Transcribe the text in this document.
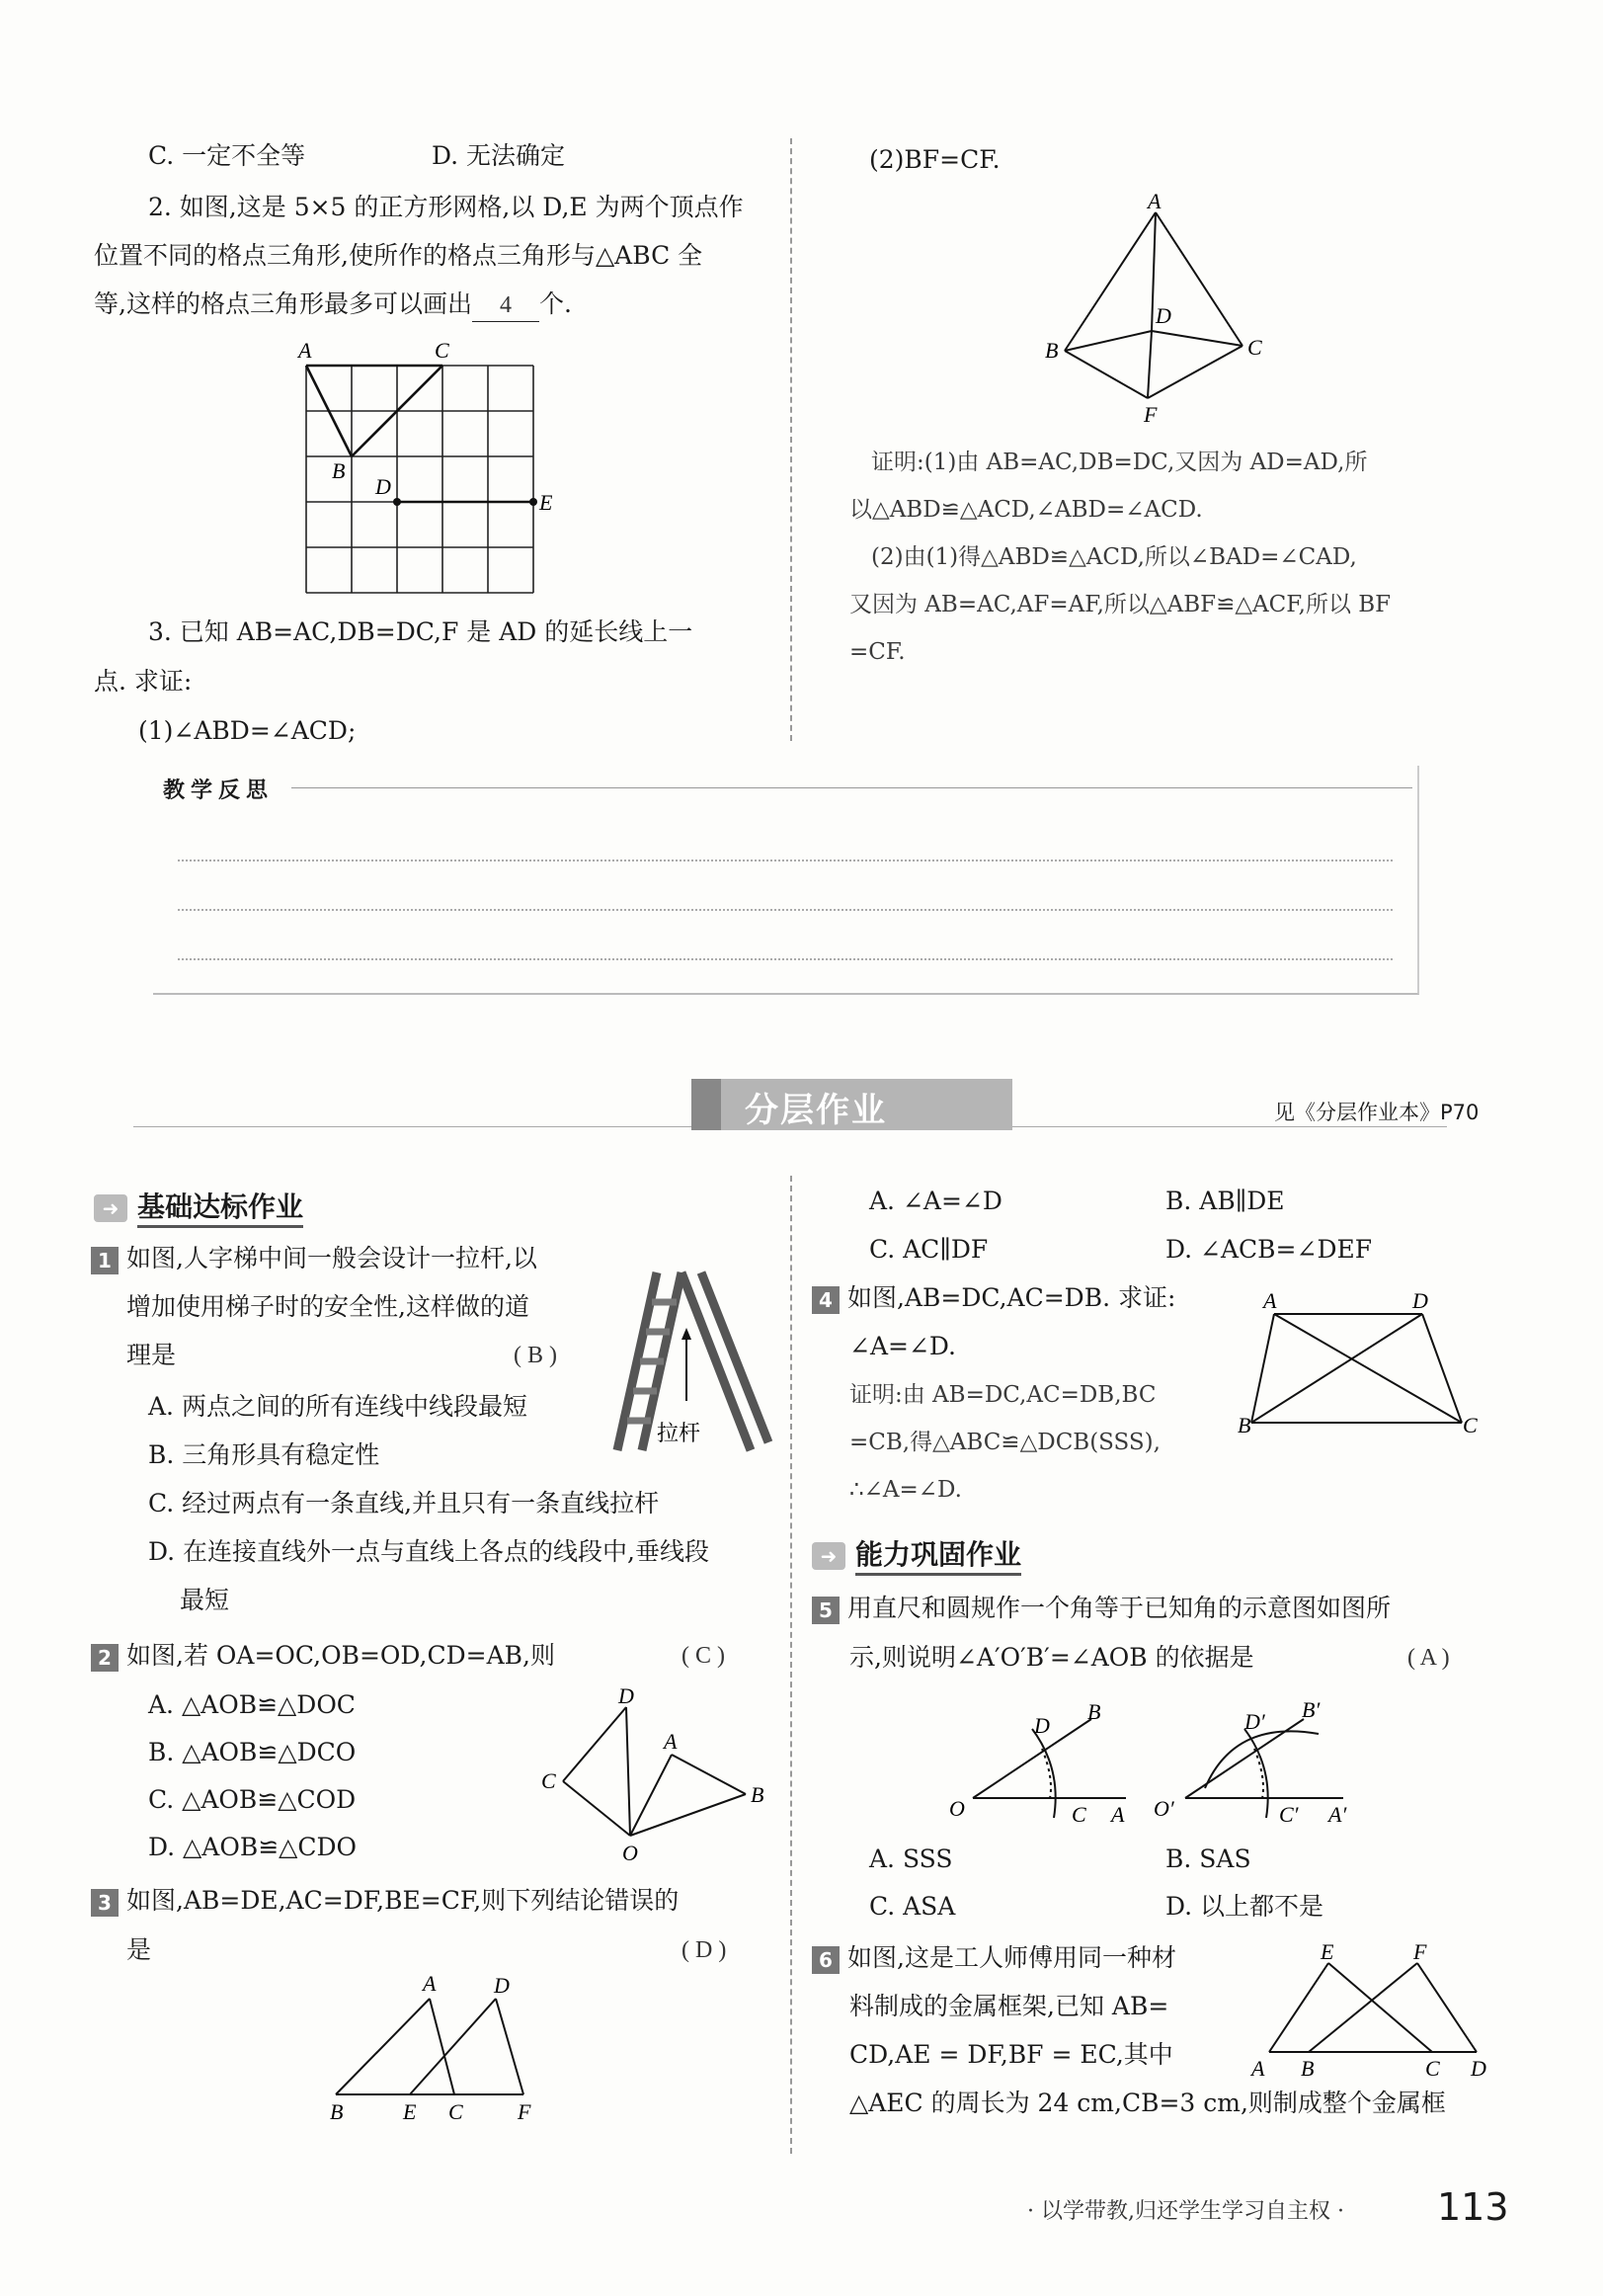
C. 一定不全等	D. 无法确定
2. 如图,这是 5×5 的正方形网格,以 D,E 为两个顶点作
位置不同的格点三角形,使所作的格点三角形与△ABC 全
等,这样的格点三角形最多可以画出 4 个.
A	C
B
D
E
3. 已知 AB=AC,DB=DC,F 是 AD 的延长线上一
点. 求证:
(1)∠ABD=∠ACD;
(2)BF=CF.
A
B	C
D
F
证明:(1)由 AB=AC,DB=DC,又因为 AD=AD,所
以△ABD≌△ACD,∠ABD=∠ACD.
(2)由(1)得△ABD≌△ACD,所以∠BAD=∠CAD,
又因为 AB=AC,AF=AF,所以△ABF≌△ACF,所以 BF
=CF.
教学反思
分层作业	见《分层作业本》P70
➜ 基础达标作业
1 如图,人字梯中间一般会设计一拉杆,以
增加使用梯子时的安全性,这样做的道
理是	( B )
拉杆
A. 两点之间的所有连线中线段最短
B. 三角形具有稳定性
C. 经过两点有一条直线,并且只有一条直线拉杆
D. 在连接直线外一点与直线上各点的线段中,垂线段
最短
2 如图,若 OA=OC,OB=OD,CD=AB,则	( C )
A. △AOB≌△DOC
B. △AOB≌△DCO
C. △AOB≌△COD
D. △AOB≌△CDO
D
C
A
B
O
3 如图,AB=DE,AC=DF,BE=CF,则下列结论错误的
是	( D )
A	D
B	E C	F
A. ∠A=∠D	B. AB∥DE
C. AC∥DF	D. ∠ACB=∠DEF
4 如图,AB=DC,AC=DB. 求证:
∠A=∠D.
证明:由 AB=DC,AC=DB,BC
=CB,得△ABC≌△DCB(SSS),
∴∠A=∠D.
A	D
B	C
➜ 能力巩固作业
5 用直尺和圆规作一个角等于已知角的示意图如图所
示,则说明∠A′O′B′=∠AOB 的依据是	( A )
O	C A
D
B
O′	C′ A′
D′ B′
A. SSS	B. SAS
C. ASA	D. 以上都不是
6 如图,这是工人师傅用同一种材
料制成的金属框架,已知 AB=
CD,AE = DF,BF = EC,其中
△AEC 的周长为 24 cm,CB=3 cm,则制成整个金属框
E	F
A B	C D
· 以学带教,归还学生学习自主权 · 113
